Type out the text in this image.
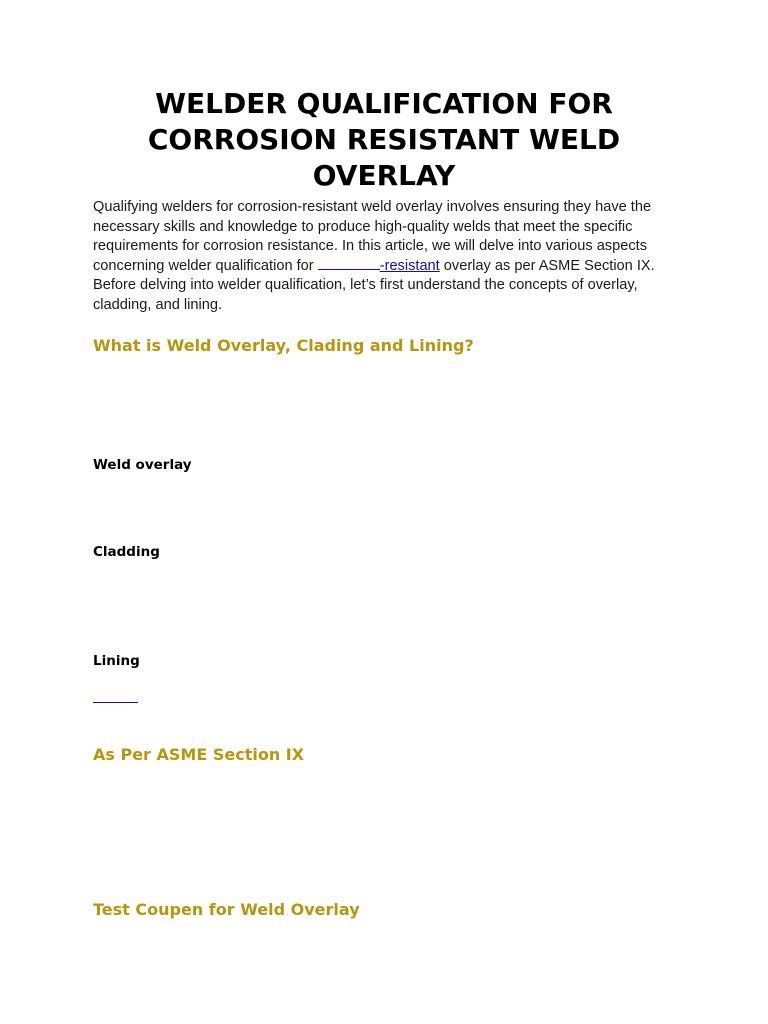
WELDER QUALIFICATION FOR CORROSION RESISTANT WELD OVERLAY

Qualifying welders for corrosion-resistant weld overlay involves ensuring they have the necessary skills and knowledge to produce high-quality welds that meet the specific requirements for corrosion resistance. In this article, we will delve into various aspects concerning welder qualification for	-resistant overlay as per ASME Section IX. Before delving into welder qualification, let’s first understand the concepts of overlay, cladding, and lining.

What is Weld Overlay, Clading and Lining?
Weld overlay
Cladding
Lining
As Per ASME Section IX
Test Coupen for Weld Overlay
